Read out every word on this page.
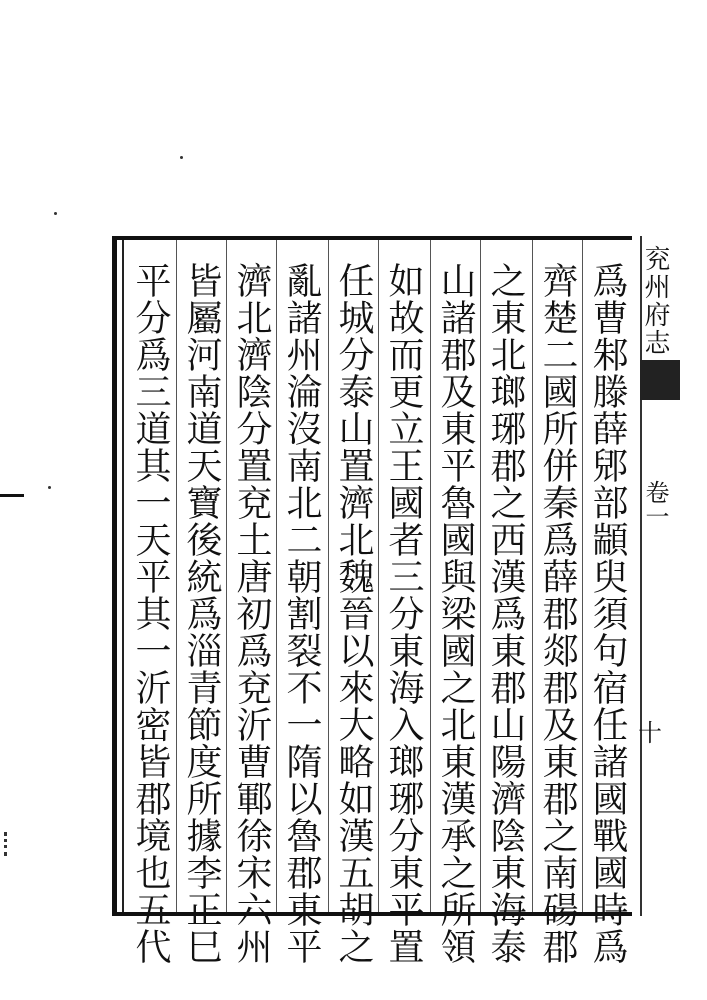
爲曹邾滕薛郳部顓臾須句宿任諸國戰國時爲
齊楚二國所併秦爲薛郡郯郡及東郡之南碭郡
之東北瑯琊郡之西漢爲東郡山陽濟陰東海泰
山諸郡及東平魯國與梁國之北東漢承之所領
如故而更立王國者三分東海入瑯琊分東平置
任城分泰山置濟北魏晉以來大略如漢五胡之
亂諸州淪沒南北二朝割裂不一隋以魯郡東平
濟北濟陰分置兗土唐初爲兗沂曹鄆徐宋六州
皆屬河南道天寶後統爲淄青節度所據李正巳
平分爲三道其一天平其一沂密皆郡境也五代	兖州府志
卷一
十
